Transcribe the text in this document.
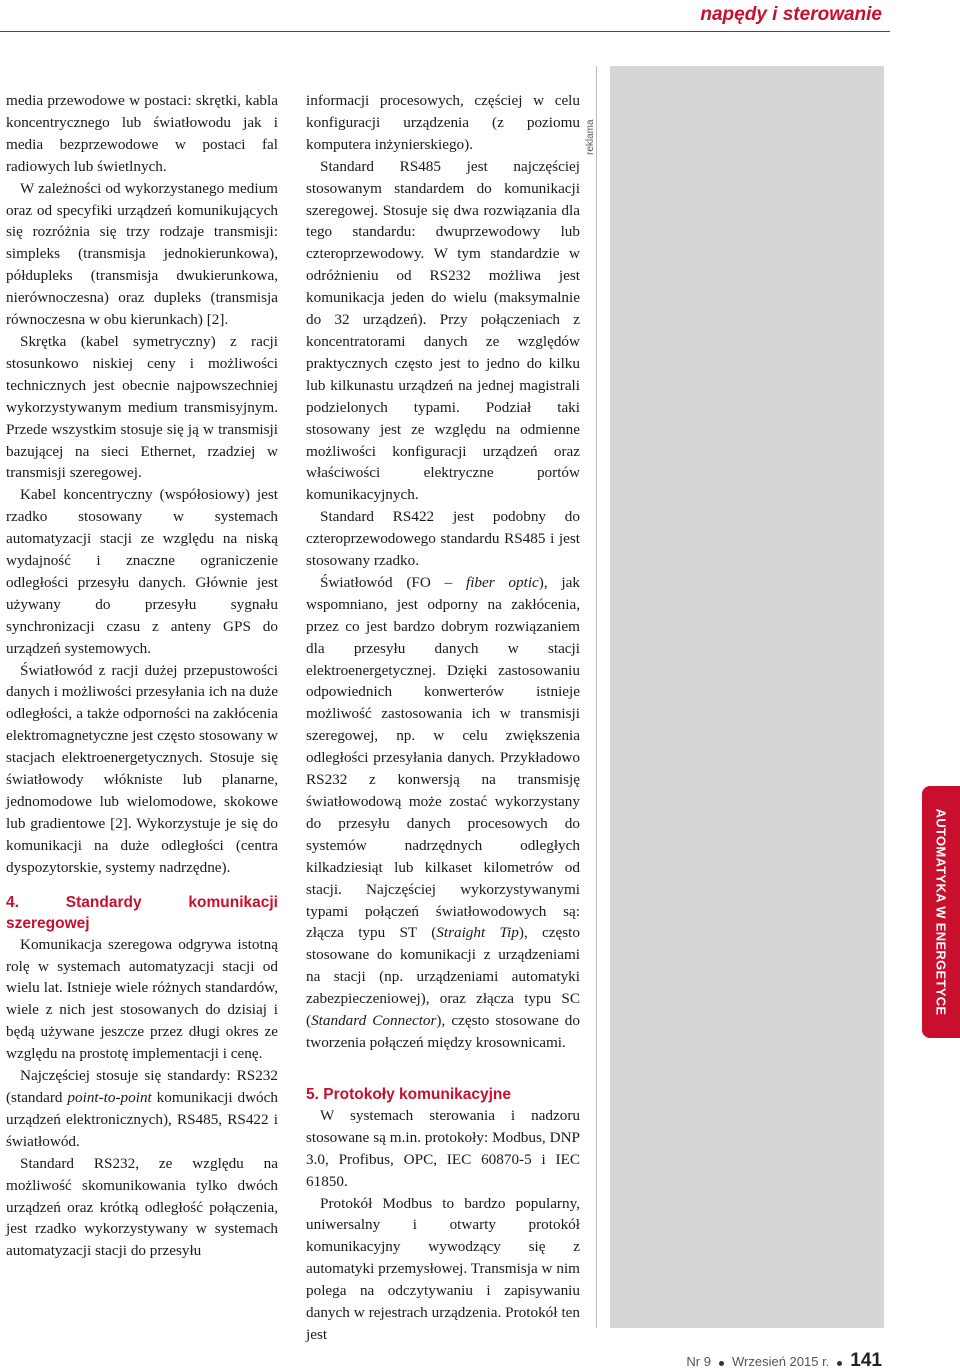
napędy i sterowanie

media przewodowe w postaci: skrętki, kabla koncentrycznego lub światłowodu jak i media bezprzewodowe w postaci fal radiowych lub świetlnych.

W zależności od wykorzystanego medium oraz od specyfiki urządzeń komunikujących się rozróżnia się trzy rodzaje transmisji: simpleks (transmisja jednokierunkowa), półdupleks (transmisja dwukierunkowa, nierównoczesna) oraz dupleks (transmisja równoczesna w obu kierunkach) [2].

Skrętka (kabel symetryczny) z racji stosunkowo niskiej ceny i możliwości technicznych jest obecnie najpowszechniej wykorzystywanym medium transmisyjnym. Przede wszystkim stosuje się ją w transmisji bazującej na sieci Ethernet, rzadziej w transmisji szeregowej.

Kabel koncentryczny (współosiowy) jest rzadko stosowany w systemach automatyzacji stacji ze względu na niską wydajność i znaczne ograniczenie odległości przesyłu danych. Głównie jest używany do przesyłu sygnału synchronizacji czasu z anteny GPS do urządzeń systemowych.

Światłowód z racji dużej przepustowości danych i możliwości przesyłania ich na duże odległości, a także odporności na zakłócenia elektromagnetyczne jest często stosowany w stacjach elektroenergetycznych. Stosuje się światłowody włókniste lub planarne, jednomodowe lub wielomodowe, skokowe lub gradientowe [2]. Wykorzystuje je się do komunikacji na duże odległości (centra dyspozytorskie, systemy nadrzędne).

4. Standardy komunikacji szeregowej

Komunikacja szeregowa odgrywa istotną rolę w systemach automatyzacji stacji od wielu lat. Istnieje wiele różnych standardów, wiele z nich jest stosowanych do dzisiaj i będą używane jeszcze przez długi okres ze względu na prostotę implementacji i cenę.

Najczęściej stosuje się standardy: RS232 (standard point-to-point komunikacji dwóch urządzeń elektronicznych), RS485, RS422 i światłowód.

Standard RS232, ze względu na możliwość skomunikowania tylko dwóch urządzeń oraz krótką odległość połączenia, jest rzadko wykorzystywany w systemach automatyzacji stacji do przesyłu

informacji procesowych, częściej w celu konfiguracji urządzenia (z poziomu komputera inżynierskiego).

Standard RS485 jest najczęściej stosowanym standardem do komunikacji szeregowej. Stosuje się dwa rozwiązania dla tego standardu: dwuprzewodowy lub czteroprzewodowy. W tym standardzie w odróżnieniu od RS232 możliwa jest komunikacja jeden do wielu (maksymalnie do 32 urządzeń). Przy połączeniach z koncentratorami danych ze względów praktycznych często jest to jedno do kilku lub kilkunastu urządzeń na jednej magistrali podzielonych typami. Podział taki stosowany jest ze względu na odmienne możliwości konfiguracji urządzeń oraz właściwości elektryczne portów komunikacyjnych.

Standard RS422 jest podobny do czteroprzewodowego standardu RS485 i jest stosowany rzadko.

Światłowód (FO – fiber optic), jak wspomniano, jest odporny na zakłócenia, przez co jest bardzo dobrym rozwiązaniem dla przesyłu danych w stacji elektroenergetycznej. Dzięki zastosowaniu odpowiednich konwerterów istnieje możliwość zastosowania ich w transmisji szeregowej, np. w celu zwiększenia odległości przesyłania danych. Przykładowo RS232 z konwersją na transmisję światłowodową może zostać wykorzystany do przesyłu danych procesowych do systemów nadrzędnych odległych kilkadziesiąt lub kilkaset kilometrów od stacji. Najczęściej wykorzystywanymi typami połączeń światłowodowych są: złącza typu ST (Straight Tip), często stosowane do komunikacji z urządzeniami na stacji (np. urządzeniami automatyki zabezpieczeniowej), oraz złącza typu SC (Standard Connector), często stosowane do tworzenia połączeń między krosownicami.

5. Protokoły komunikacyjne

W systemach sterowania i nadzoru stosowane są m.in. protokoły: Modbus, DNP 3.0, Profibus, OPC, IEC 60870-5 i IEC 61850.

Protokół Modbus to bardzo popularny, uniwersalny i otwarty protokół komunikacyjny wywodzący się z automatyki przemysłowej. Transmisja w nim polega na odczytywaniu i zapisywaniu danych w rejestrach urządzenia. Protokół ten jest

reklama
AUTOMATYKA W ENERGETYCE
Nr 9 Wrzesień 2015 r. 141
